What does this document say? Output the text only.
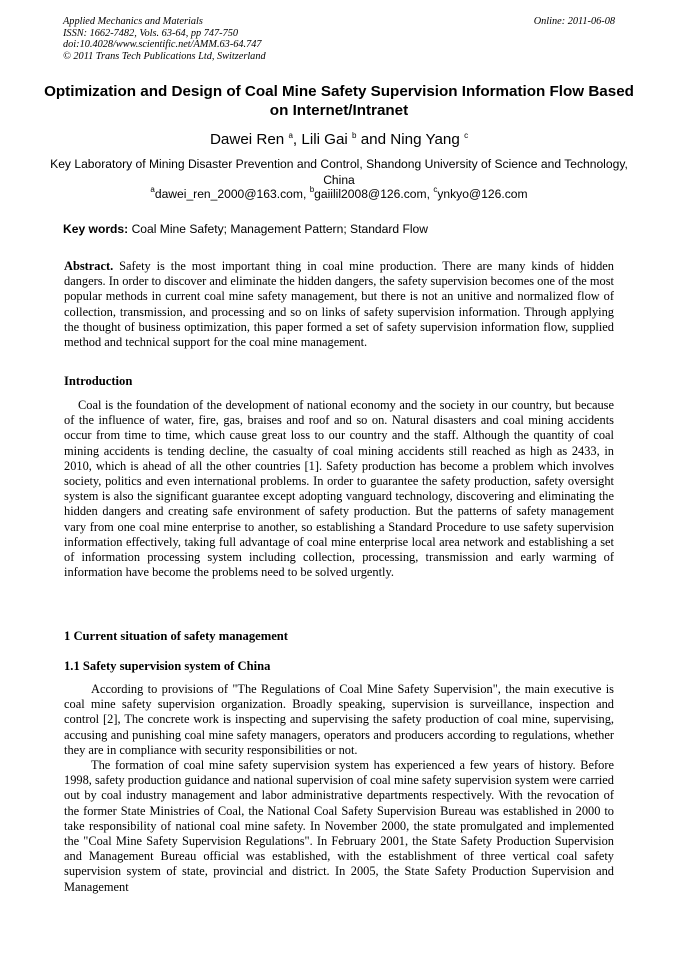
Applied Mechanics and Materials
ISSN: 1662-7482, Vols. 63-64, pp 747-750
doi:10.4028/www.scientific.net/AMM.63-64.747
© 2011 Trans Tech Publications Ltd, Switzerland
Online: 2011-06-08
Optimization and Design of Coal Mine Safety Supervision Information Flow Based on Internet/Intranet
Dawei Ren $^a$, Lili Gai $^b$ and Ning Yang $^c$
Key Laboratory of Mining Disaster Prevention and Control, Shandong University of Science and Technology, China
$^a$dawei_ren_2000@163.com, $^b$gaiilil2008@126.com, $^c$ynkyo@126.com
Key words: Coal Mine Safety; Management Pattern; Standard Flow

Abstract. Safety is the most important thing in coal mine production. There are many kinds of hidden dangers. In order to discover and eliminate the hidden dangers, the safety supervision becomes one of the most popular methods in current coal mine safety management, but there is not an unitive and normalized flow of collection, transmission, and processing and so on links of safety supervision information. Through applying the thought of business optimization, this paper formed a set of safety supervision information flow, supplied method and technical support for the coal mine management.

Introduction

Coal is the foundation of the development of national economy and the society in our country, but because of the influence of water, fire, gas, braises and roof and so on. Natural disasters and coal mining accidents occur from time to time, which cause great loss to our country and the staff. Although the quantity of coal mining accidents is tending decline, the casualty of coal mining accidents still reached as high as 2433, in 2010, which is ahead of all the other countries [1]. Safety production has become a problem which involves society, politics and even international problems. In order to guarantee the safety production, safety oversight system is also the significant guarantee except adopting vanguard technology, discovering and eliminating the hidden dangers and creating safe environment of safety production. But the patterns of safety management vary from one coal mine enterprise to another, so establishing a Standard Procedure to use safety supervision information effectively, taking full advantage of coal mine enterprise local area network and establishing a set of information processing system including collection, processing, transmission and early warming of information have become the problems need to be solved urgently.

1 Current situation of safety management
1.1 Safety supervision system of China

According to provisions of "The Regulations of Coal Mine Safety Supervision", the main executive is coal mine safety supervision organization. Broadly speaking, supervision is surveillance, inspection and control [2], The concrete work is inspecting and supervising the safety production of coal mine, supervising, accusing and punishing coal mine safety managers, operators and producers according to regulations, whether they are in compliance with security responsibilities or not.

The formation of coal mine safety supervision system has experienced a few years of history. Before 1998, safety production guidance and national supervision of coal mine safety supervision system were carried out by coal industry management and labor administrative departments respectively. With the revocation of the former State Ministries of Coal, the National Coal Safety Supervision Bureau was established in 2000 to take responsibility of national coal mine safety. In November 2000, the state promulgated and implemented the "Coal Mine Safety Supervision Regulations". In February 2001, the State Safety Production Supervision and Management Bureau official was established, with the establishment of three vertical coal safety supervision system of state, provincial and district. In 2005, the State Safety Production Supervision and Management
